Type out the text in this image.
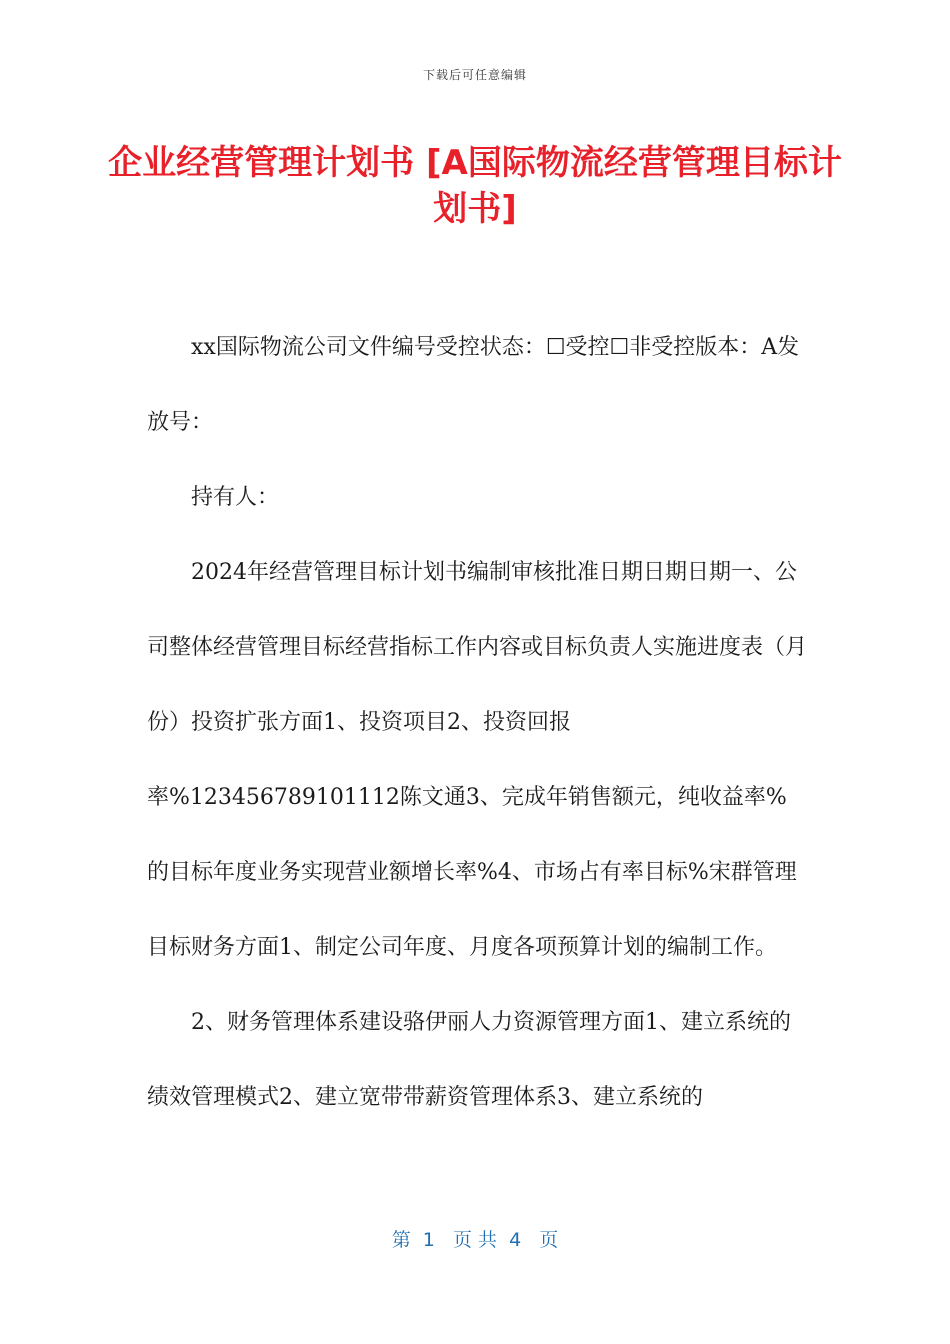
下载后可任意编辑
企业经营管理计划书 [A国际物流经营管理目标计划书]

xx国际物流公司文件编号受控状态：☐受控☐非受控版本：A发放号：

持有人：

2024年经营管理目标计划书编制审核批准日期日期日期一、公司整体经营管理目标经营指标工作内容或目标负责人实施进度表（月份）投资扩张方面1、投资项目2、投资回报率%123456789101112陈文通3、完成年销售额元，纯收益率%的目标年度业务实现营业额增长率%4、市场占有率目标%宋群管理目标财务方面1、制定公司年度、月度各项预算计划的编制工作。

2、财务管理体系建设骆伊丽人力资源管理方面1、建立系统的绩效管理模式2、建立宽带带薪资管理体系3、建立系统的

第  1   页 共  4   页
